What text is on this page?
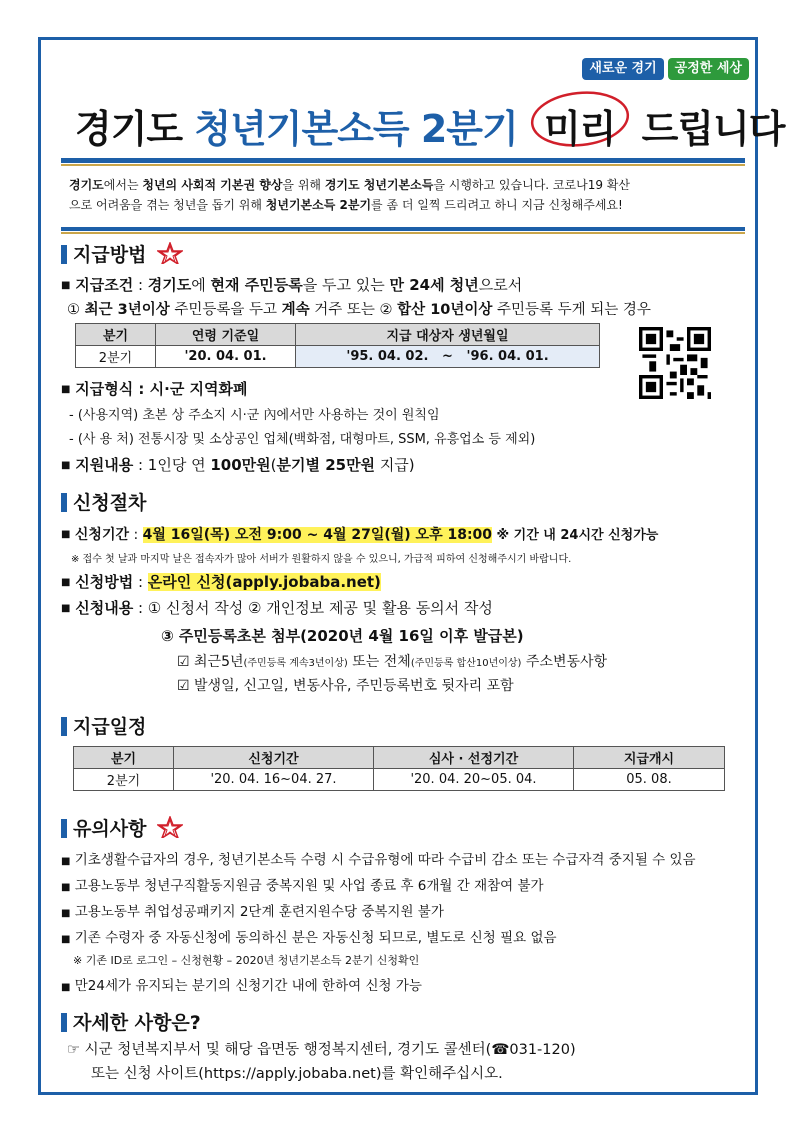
새로운 경기	공정한 세상
경기도 청년기본소득 2분기 미리 드립니다
경기도에서는 청년의 사회적 기본권 향상을 위해 경기도 청년기본소득을 시행하고 있습니다. 코로나19 확산
으로 어려움을 겪는 청년을 돕기 위해 청년기본소득 2분기를 좀 더 일찍 드리려고 하니 지금 신청해주세요!
지급방법
■ 지급조건 : 경기도에 현재 주민등록을 두고 있는 만 24세 청년으로서
① 최근 3년이상 주민등록을 두고 계속 거주 또는 ② 합산 10년이상 주민등록 두게 되는 경우
분기	연령 기준일	지급 대상자 생년월일
2분기	'20. 04. 01.	'95. 04. 02.   ~   '96. 04. 01.
■ 지급형식 : 시·군 지역화폐
- (사용지역) 초본 상 주소지 시·군 內에서만 사용하는 것이 원칙임
- (사 용 처) 전통시장 및 소상공인 업체(백화점, 대형마트, SSM, 유흥업소 등 제외)
■ 지원내용 : 1인당 연 100만원(분기별 25만원 지급)
신청절차
■ 신청기간 : 4월 16일(목) 오전 9:00 ~ 4월 27일(월) 오후 18:00 ※ 기간 내 24시간 신청가능
※ 접수 첫 날과 마지막 날은 접속자가 많아 서버가 원활하지 않을 수 있으니, 가급적 피하여 신청해주시기 바랍니다.
■ 신청방법 : 온라인 신청(apply.jobaba.net)
■ 신청내용 : ① 신청서 작성 ② 개인정보 제공 및 활용 동의서 작성
③ 주민등록초본 첨부(2020년 4월 16일 이후 발급본)
☑ 최근5년(주민등록 계속3년이상) 또는 전체(주민등록 합산10년이상) 주소변동사항
☑ 발생일, 신고일, 변동사유, 주민등록번호 뒷자리 포함
지급일정
분기	신청기간	심사 · 선정기간	지급개시
2분기	'20. 04. 16~04. 27.	'20. 04. 20~05. 04.	05. 08.
유의사항
■ 기초생활수급자의 경우, 청년기본소득 수령 시 수급유형에 따라 수급비 감소 또는 수급자격 중지될 수 있음
■ 고용노동부 청년구직활동지원금 중복지원 및 사업 종료 후 6개월 간 재참여 불가
■ 고용노동부 취업성공패키지 2단계 훈련지원수당 중복지원 불가
■ 기존 수령자 중 자동신청에 동의하신 분은 자동신청 되므로, 별도로 신청 필요 없음
※ 기존 ID로 로그인 – 신청현황 – 2020년 청년기본소득 2분기 신청확인
■ 만24세가 유지되는 분기의 신청기간 내에 한하여 신청 가능
자세한 사항은?
☞ 시군 청년복지부서 및 해당 읍면동 행정복지센터, 경기도 콜센터(☎031-120)
또는 신청 사이트(https://apply.jobaba.net)를 확인해주십시오.
